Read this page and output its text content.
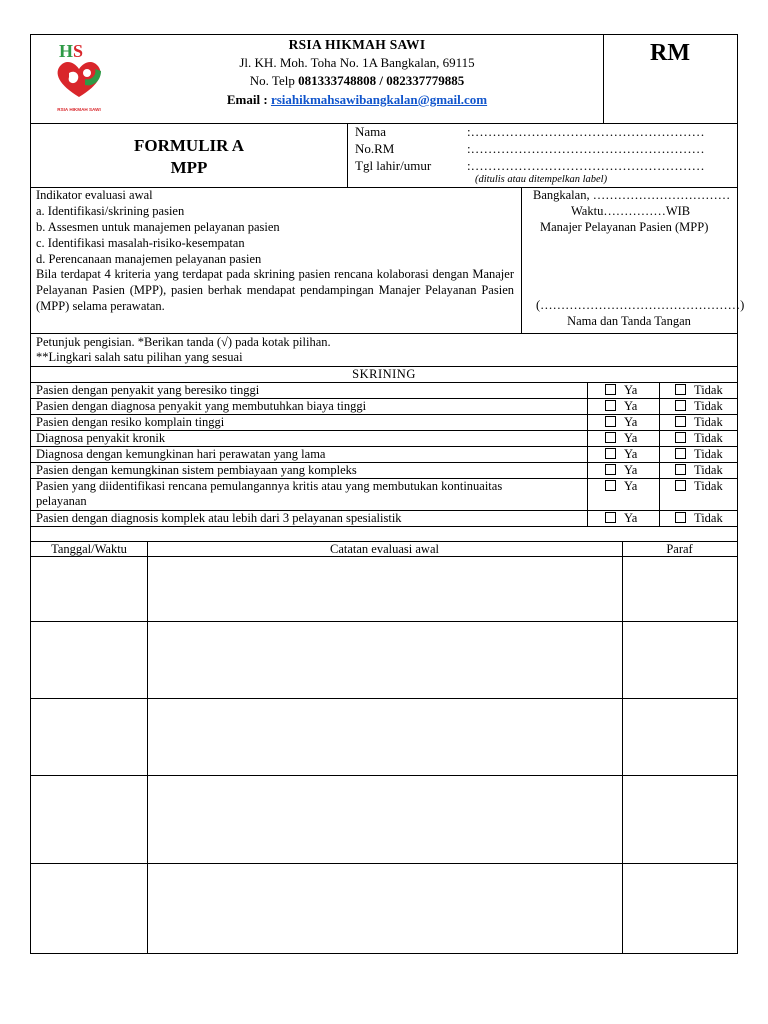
H S
RSIA HIKMAH SAWI
RSIA HIKMAH SAWI
Jl. KH. Moh. Toha No. 1A Bangkalan, 69115
No. Telp 081333748808 / 082337779885
Email : rsiahikmahsawibangkalan@gmail.com
RM
FORMULIR A
MPP
Nama	:………………………………………………
No.RM	:………………………………………………
Tgl lahir/umur	:………………………………………………
(ditulis atau ditempelkan label)
Indikator evaluasi awal
a. Identifikasi/skrining pasien
b. Assesmen untuk manajemen pelayanan pasien
c. Identifikasi masalah-risiko-kesempatan
d. Perencanaan manajemen pelayanan pasien
Bila terdapat 4 kriteria yang terdapat pada skrining pasien rencana kolaborasi dengan Manajer Pelayanan Pasien (MPP), pasien berhak mendapat pendampingan Manajer Pelayanan Pasien (MPP) selama perawatan.
Bangkalan, ……………………………
Waktu……………WIB
Manajer Pelayanan Pasien (MPP)
(…………………………………………)
Nama dan Tanda Tangan
Petunjuk pengisian. *Berikan tanda (√) pada kotak pilihan.
**Lingkari salah satu pilihan yang sesuai
SKRINING
Pasien dengan penyakit yang beresiko tinggi	Ya	Tidak
Pasien dengan diagnosa penyakit yang membutuhkan biaya tinggi	Ya	Tidak
Pasien dengan resiko komplain tinggi	Ya	Tidak
Diagnosa penyakit kronik	Ya	Tidak
Diagnosa dengan kemungkinan hari perawatan yang lama	Ya	Tidak
Pasien dengan kemungkinan sistem pembiayaan yang kompleks	Ya	Tidak
Pasien yang diidentifikasi rencana pemulangannya kritis atau yang membutukan kontinuaitas
pelayanan
Ya	Tidak
Pasien dengan diagnosis komplek atau lebih dari 3 pelayanan spesialistik	Ya	Tidak
Tanggal/Waktu	Catatan evaluasi awal	Paraf
